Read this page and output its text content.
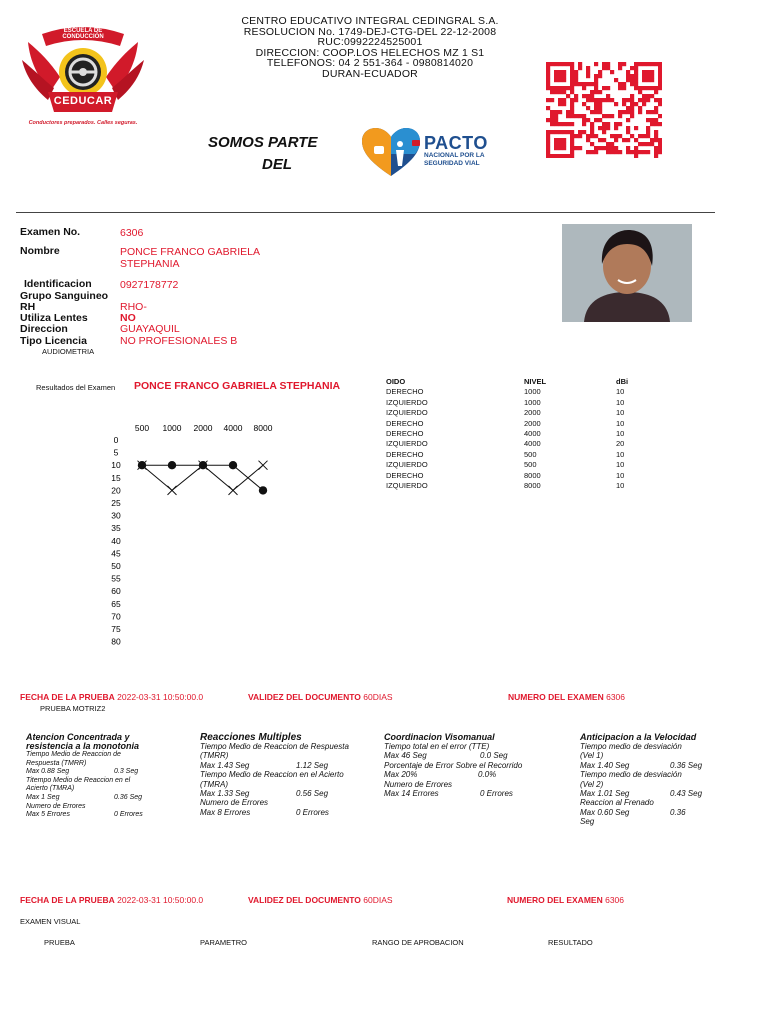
CENTRO EDUCATIVO INTEGRAL CEDINGRAL S.A.
RESOLUCION No. 1749-DEJ-CTG-DEL 22-12-2008
RUC:0992224525001
DIRECCION: COOP.LOS HELECHOS MZ 1 S1
TELEFONOS: 04 2 551-364 - 0980814020
DURAN-ECUADOR
ESCUELA DE CONDUCCIÓN
CEDUCAR
Conductores preparados. Calles seguras.
SOMOS PARTE
DEL
PACTO
NACIONAL POR LA
SEGURIDAD VIAL
Examen No.	6306
Nombre	PONCE FRANCO GABRIELA
STEPHANIA
Identificacion	0927178772
Grupo Sanguineo
RH	RHO-
Utiliza Lentes	NO
Direccion	GUAYAQUIL
Tipo Licencia	NO PROFESIONALES B
AUDIOMETRIA
Resultados del Examen PONCE FRANCO GABRIELA STEPHANIA	OIDO	NIVEL	dBi
DERECHO	1000	10
IZQUIERDO	1000	10
IZQUIERDO	2000	10
DERECHO	2000	10
DERECHO	4000	10
IZQUIERDO	4000	20
DERECHO	500	10
IZQUIERDO	500	10
DERECHO	8000	10
IZQUIERDO	8000	10
500 1000 2000 4000 8000
0
5
10
15
20
25
30
35
40
45
50
55
60
65
70
75
80
FECHA DE LA PRUEBA 2022-03-31 10:50:00.0	VALIDEZ DEL DOCUMENTO 60DIAS	NUMERO DEL EXAMEN 6306
PRUEBA MOTRIZ2
Atencion Concentrada y
resistencia a la monotonia
Tiempo Medio de Reaccion de
Respuesta (TMRR)
Max 0.88 Seg	0.3 Seg
Titempo Medio de Reaccion en el
Acierto (TMRA)
Max 1 Seg	0.36 Seg
Numero de Errores
Max 5 Errores	0 Errores
Reacciones Multiples
Tiempo Medio de Reaccion de Respuesta
(TMRR)
Max 1.43 Seg	1.12 Seg
Tiempo Medio de Reaccion en el Acierto
(TMRA)
Max 1.33 Seg	0.56 Seg
Numero de Errores
Max 8 Errores	0 Errores
Coordinacion Visomanual
Tiempo total en el error (TTE)
Max 46 Seg	0.0 Seg
Porcentaje de Error Sobre el Recorrido
Max 20%	0.0%
Numero de Errores
Max 14 Errores	0 Errores
Anticipacion a la Velocidad
Tiempo medio de desviación
(Vel 1)
Max 1.40 Seg	0.36 Seg
Tiempo medio de desviación
(Vel 2)
Max 1.01 Seg	0.43 Seg
Reaccion al Frenado
Max 0.60 Seg	0.36
Seg
FECHA DE LA PRUEBA 2022-03-31 10:50:00.0	VALIDEZ DEL DOCUMENTO 60DIAS	NUMERO DEL EXAMEN 6306
EXAMEN VISUAL
PRUEBA	PARAMETRO	RANGO DE APROBACION	RESULTADO
